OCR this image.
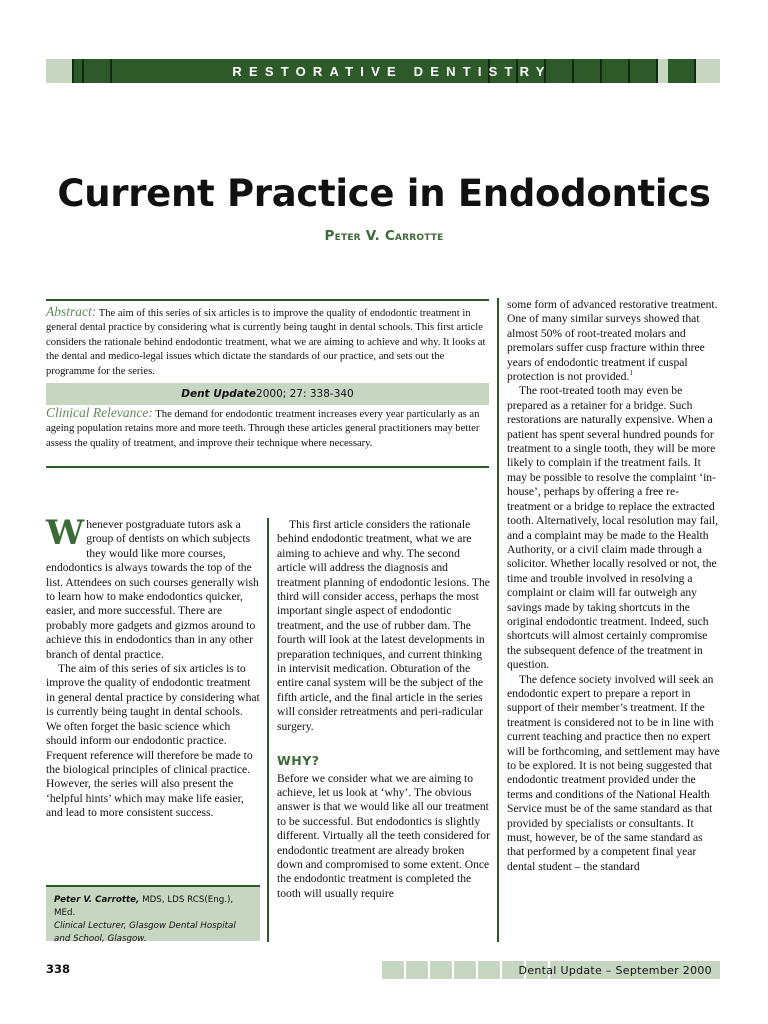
RESTORATIVE DENTISTRY
Current Practice in Endodontics
Peter V. Carrotte
Abstract: The aim of this series of six articles is to improve the quality of endodontic treatment in general dental practice by considering what is currently being taught in dental schools. This first article considers the rationale behind endodontic treatment, what we are aiming to achieve and why. It looks at the dental and medico-legal issues which dictate the standards of our practice, and sets out the programme for the series.
Dent Update 2000; 27: 338-340
Clinical Relevance: The demand for endodontic treatment increases every year particularly as an ageing population retains more and more teeth. Through these articles general practitioners may better assess the quality of treatment, and improve their technique where necessary.

Whenever postgraduate tutors ask a group of dentists on which subjects they would like more courses, endodontics is always towards the top of the list. Attendees on such courses generally wish to learn how to make endodontics quicker, easier, and more successful. There are probably more gadgets and gizmos around to achieve this in endodontics than in any other branch of dental practice.

The aim of this series of six articles is to improve the quality of endodontic treatment in general dental practice by considering what is currently being taught in dental schools. We often forget the basic science which should inform our endodontic practice. Frequent reference will therefore be made to the biological principles of clinical practice. However, the series will also present the ‘helpful hints’ which may make life easier, and lead to more consistent success.

This first article considers the rationale behind endodontic treatment, what we are aiming to achieve and why. The second article will address the diagnosis and treatment planning of endodontic lesions. The third will consider access, perhaps the most important single aspect of endodontic treatment, and the use of rubber dam. The fourth will look at the latest developments in preparation techniques, and current thinking in intervisit medication. Obturation of the entire canal system will be the subject of the fifth article, and the final article in the series will consider retreatments and peri-radicular surgery.

WHY?

Before we consider what we are aiming to achieve, let us look at ‘why’. The obvious answer is that we would like all our treatment to be successful. But endodontics is slightly different. Virtually all the teeth considered for endodontic treatment are already broken down and compromised to some extent. Once the endodontic treatment is completed the tooth will usually require

some form of advanced restorative treatment. One of many similar surveys showed that almost 50% of root-treated molars and premolars suffer cusp fracture within three years of endodontic treatment if cuspal protection is not provided.$^1$

The root-treated tooth may even be prepared as a retainer for a bridge. Such restorations are naturally expensive. When a patient has spent several hundred pounds for treatment to a single tooth, they will be more likely to complain if the treatment fails. It may be possible to resolve the complaint ‘in-house’, perhaps by offering a free re-treatment or a bridge to replace the extracted tooth. Alternatively, local resolution may fail, and a complaint may be made to the Health Authority, or a civil claim made through a solicitor. Whether locally resolved or not, the time and trouble involved in resolving a complaint or claim will far outweigh any savings made by taking shortcuts in the original endodontic treatment. Indeed, such shortcuts will almost certainly compromise the subsequent defence of the treatment in question.

The defence society involved will seek an endodontic expert to prepare a report in support of their member’s treatment. If the treatment is considered not to be in line with current teaching and practice then no expert will be forthcoming, and settlement may have to be explored. It is not being suggested that endodontic treatment provided under the terms and conditions of the National Health Service must be of the same standard as that provided by specialists or consultants. It must, however, be of the same standard as that performed by a competent final year dental student – the standard

Peter V. Carrotte, MDS, LDS RCS(Eng.), MEd.
Clinical Lecturer, Glasgow Dental Hospital and School, Glasgow.
338	Dental Update – September 2000
